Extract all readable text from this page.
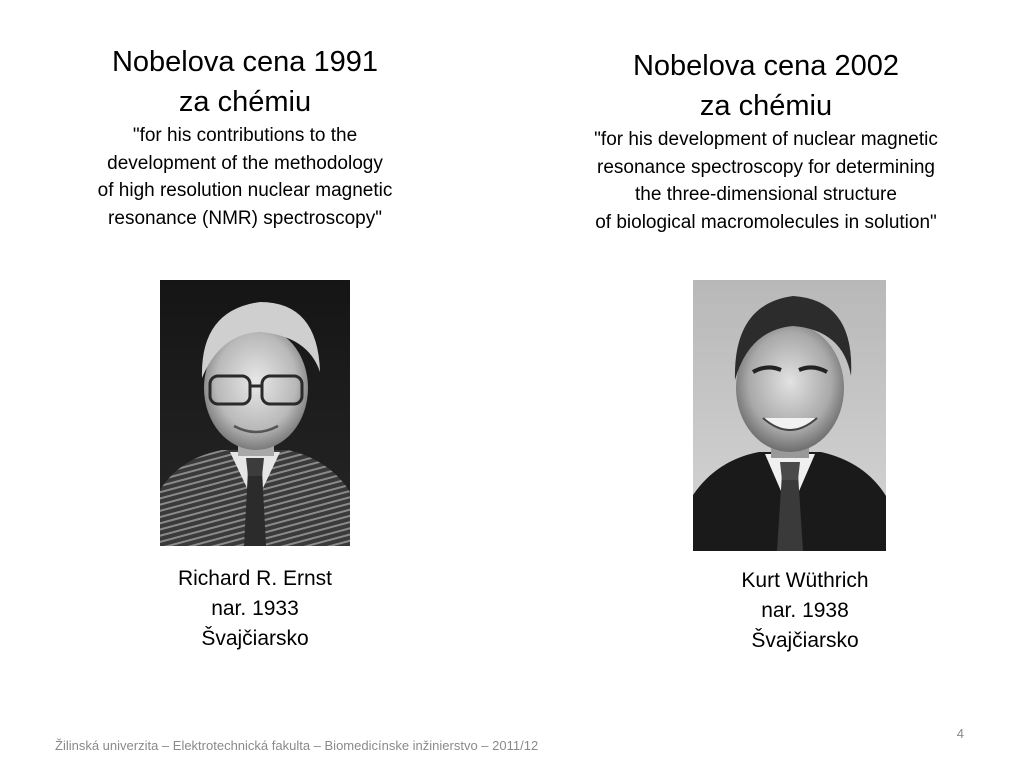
Nobelova cena 1991
za chémiu
"for his contributions to the
development of the methodology
of high resolution nuclear magnetic
resonance (NMR) spectroscopy"
Nobelova cena 2002
za chémiu
"for his development of nuclear magnetic
resonance spectroscopy for determining
the three-dimensional structure
of biological macromolecules in solution"
Richard R. Ernst
nar. 1933
Švajčiarsko
Kurt Wüthrich
nar. 1938
Švajčiarsko
Žilinská univerzita – Elektrotechnická fakulta – Biomedicínske inžinierstvo – 2011/12
4
